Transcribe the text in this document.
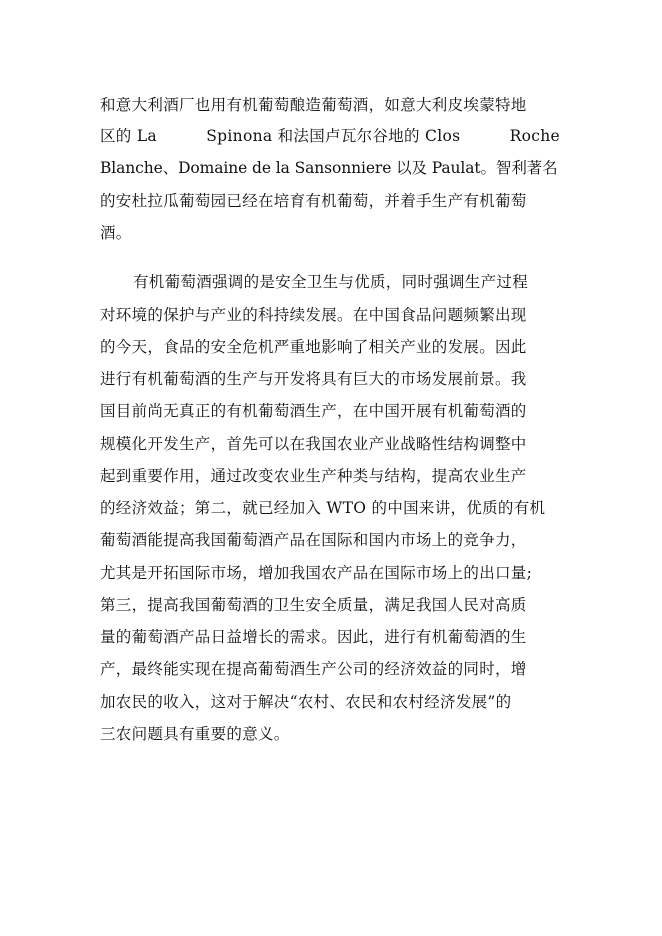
和意大利酒厂也用有机葡萄酿造葡萄酒，如意大利皮埃蒙特地
区的 La	Spinona 和法国卢瓦尔谷地的 Clos	Roche
Blanche、Domaine de la Sansonniere 以及 Paulat。智利著名
的安杜拉瓜葡萄园已经在培育有机葡萄，并着手生产有机葡萄
酒。
有机葡萄酒强调的是安全卫生与优质，同时强调生产过程
对环境的保护与产业的科持续发展。在中国食品问题频繁出现
的今天，食品的安全危机严重地影响了相关产业的发展。因此
进行有机葡萄酒的生产与开发将具有巨大的市场发展前景。我
国目前尚无真正的有机葡萄酒生产，在中国开展有机葡萄酒的
规模化开发生产，首先可以在我国农业产业战略性结构调整中
起到重要作用，通过改变农业生产种类与结构，提高农业生产
的经济效益；第二，就已经加入 WTO 的中国来讲，优质的有机
葡萄酒能提高我国葡萄酒产品在国际和国内市场上的竞争力，
尤其是开拓国际市场，增加我国农产品在国际市场上的出口量;
第三，提高我国葡萄酒的卫生安全质量，满足我国人民对高质
量的葡萄酒产品日益增长的需求。因此，进行有机葡萄酒的生
产，最终能实现在提高葡萄酒生产公司的经济效益的同时，增
加农民的收入，这对于解决“农村、农民和农村经济发展”的
三农问题具有重要的意义。
